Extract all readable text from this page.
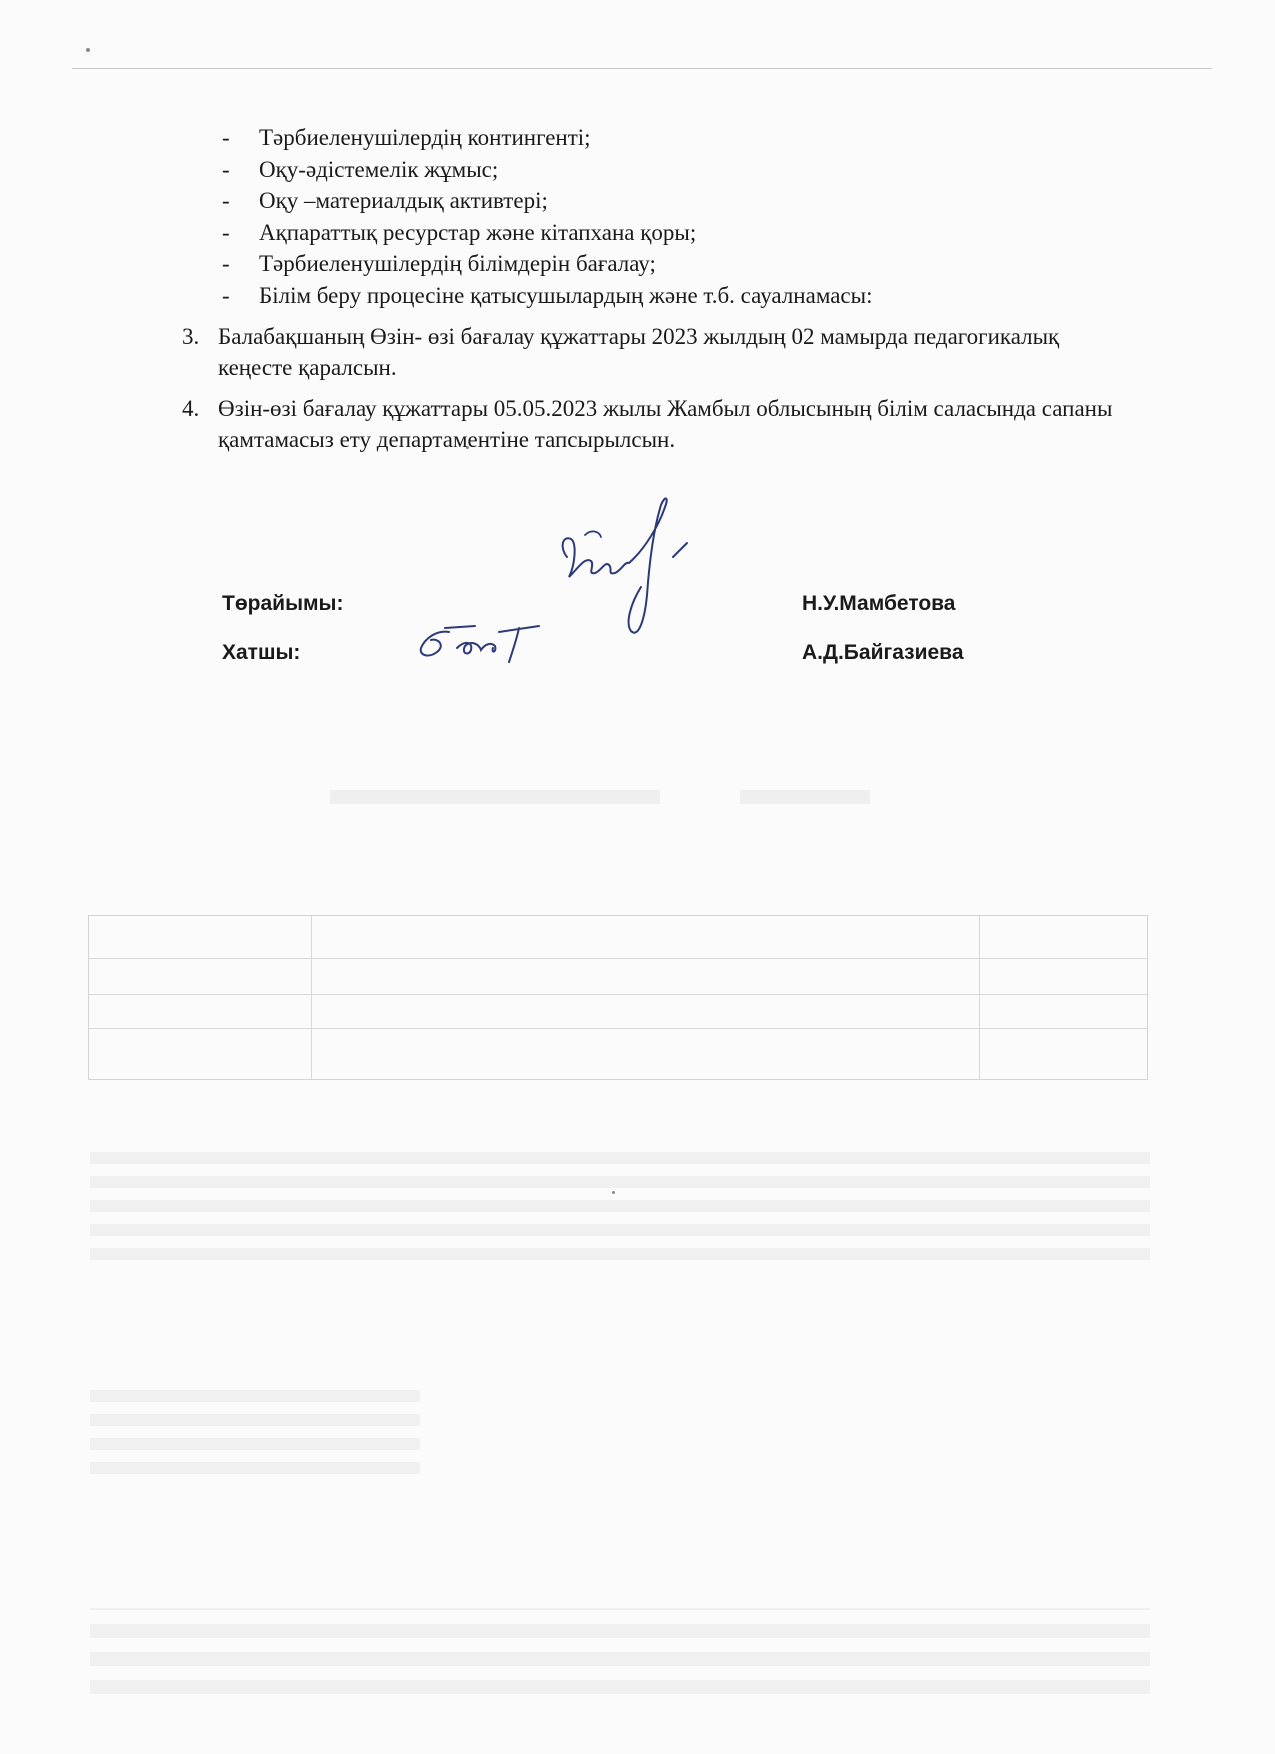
- Тәрбиеленушілердің контингенті;
- Оқу-әдістемелік жұмыс;
- Оқу –материалдық активтері;
- Ақпараттық ресурстар және кітапхана қоры;
- Тәрбиеленушілердің білімдерін бағалау;
- Білім беру процесіне қатысушылардың және т.б. сауалнамасы:
3. Балабақшаның Өзін- өзі бағалау құжаттары 2023 жылдың 02 мамырда педагогикалық кеңесте қаралсын.
4. Өзін-өзі бағалау құжаттары 05.05.2023 жылы Жамбыл облысының білім саласында сапаны қамтамасыз ету департаментіне тапсырылсын.
Төрайымы:	Н.У.Мамбетова
Хатшы:	А.Д.Байгазиева
